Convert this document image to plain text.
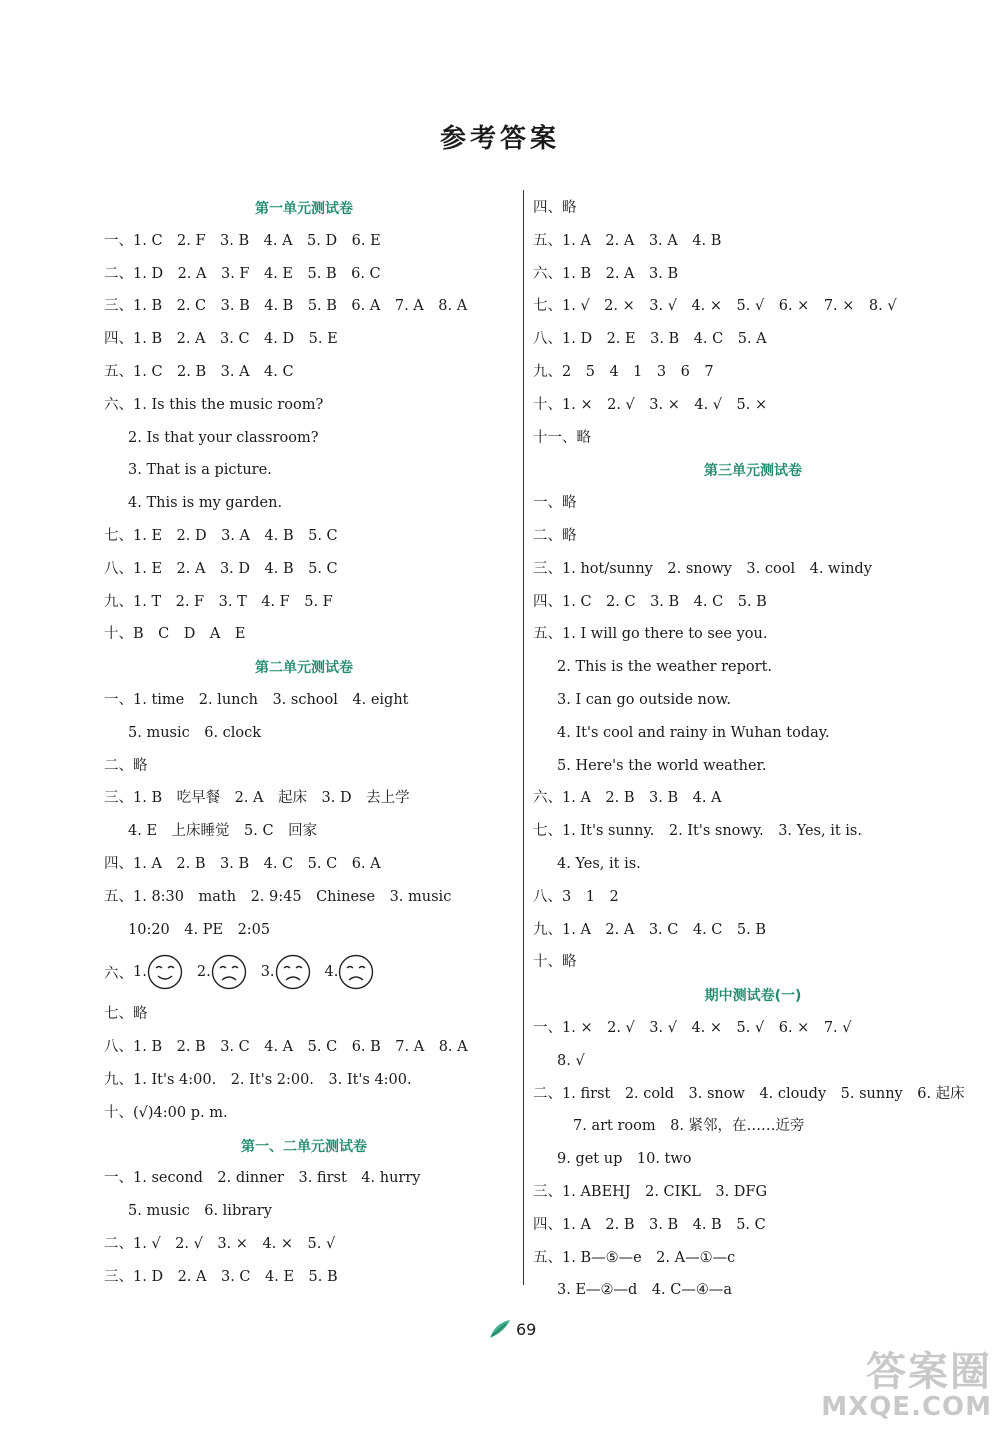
参考答案
第一单元测试卷
一、1. C　2. F　3. B　4. A　5. D　6. E
二、1. D　2. A　3. F　4. E　5. B　6. C
三、1. B　2. C　3. B　4. B　5. B　6. A　7. A　8. A
四、1. B　2. A　3. C　4. D　5. E
五、1. C　2. B　3. A　4. C
六、1. Is this the music room?
2. Is that your classroom?
3. That is a picture.
4. This is my garden.
七、1. E　2. D　3. A　4. B　5. C
八、1. E　2. A　3. D　4. B　5. C
九、1. T　2. F　3. T　4. F　5. F
十、B　C　D　A　E
第二单元测试卷
一、1. time　2. lunch　3. school　4. eight
5. music　6. clock
二、略
三、1. B　吃早餐　2. A　起床　3. D　去上学
4. E　上床睡觉　5. C　回家
四、1. A　2. B　3. B　4. C　5. C　6. A
五、1. 8:30　math　2. 9:45　Chinese　3. music
10:20　4. PE　2:05
六、 1.	2.	3.	4.
七、略
八、1. B　2. B　3. C　4. A　5. C　6. B　7. A　8. A
九、1. It's 4:00.　2. It's 2:00.　3. It's 4:00.
十、(√)4:00 p. m.
第一、二单元测试卷
一、1. second　2. dinner　3. first　4. hurry
5. music　6. library
二、1. √　2. √　3. ×　4. ×　5. √
三、1. D　2. A　3. C　4. E　5. B
四、略
五、1. A　2. A　3. A　4. B
六、1. B　2. A　3. B
七、1. √　2. ×　3. √　4. ×　5. √　6. ×　7. ×　8. √
八、1. D　2. E　3. B　4. C　5. A
九、2　5　4　1　3　6　7
十、1. ×　2. √　3. ×　4. √　5. ×
十一、略
第三单元测试卷
一、略
二、略
三、1. hot/sunny　2. snowy　3. cool　4. windy
四、1. C　2. C　3. B　4. C　5. B
五、1. I will go there to see you.
2. This is the weather report.
3. I can go outside now.
4. It's cool and rainy in Wuhan today.
5. Here's the world weather.
六、1. A　2. B　3. B　4. A
七、1. It's sunny.　2. It's snowy.　3. Yes, it is.
4. Yes, it is.
八、3　1　2
九、1. A　2. A　3. C　4. C　5. B
十、略
期中测试卷(一)
一、1. ×　2. √　3. √　4. ×　5. √　6. ×　7. √
8. √
二、1. first　2. cold　3. snow　4. cloudy　5. sunny　6. 起床
7. art room　8. 紧邻，在……近旁
9. get up　10. two
三、1. ABEHJ　2. CIKL　3. DFG
四、1. A　2. B　3. B　4. B　5. C
五、1. B—⑤—e　2. A—①—c
3. E—②—d　4. C—④—a
69
答案圈
MXQE.COM
